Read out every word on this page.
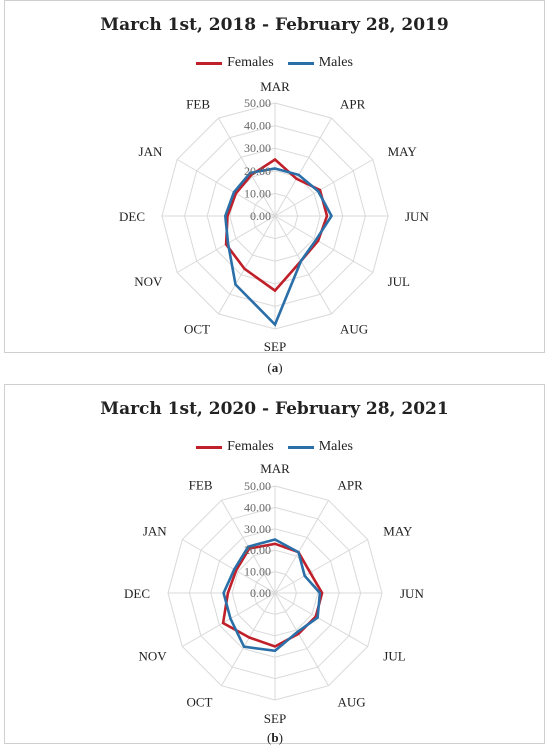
March 1st, 2018 - February 28, 2019
Females	Males
0.00
10.00
20.00
30.00
40.00
50.00
MAR
APR
MAY
JUN
JUL
AUG
SEP
OCT
NOV
DEC
JAN
FEB
(a)
March 1st, 2020 - February 28, 2021
Females	Males
0.00
10.00
20.00
30.00
40.00
50.00
MAR
APR
MAY
JUN
JUL
AUG
SEP
OCT
NOV
DEC
JAN
FEB
(b)
